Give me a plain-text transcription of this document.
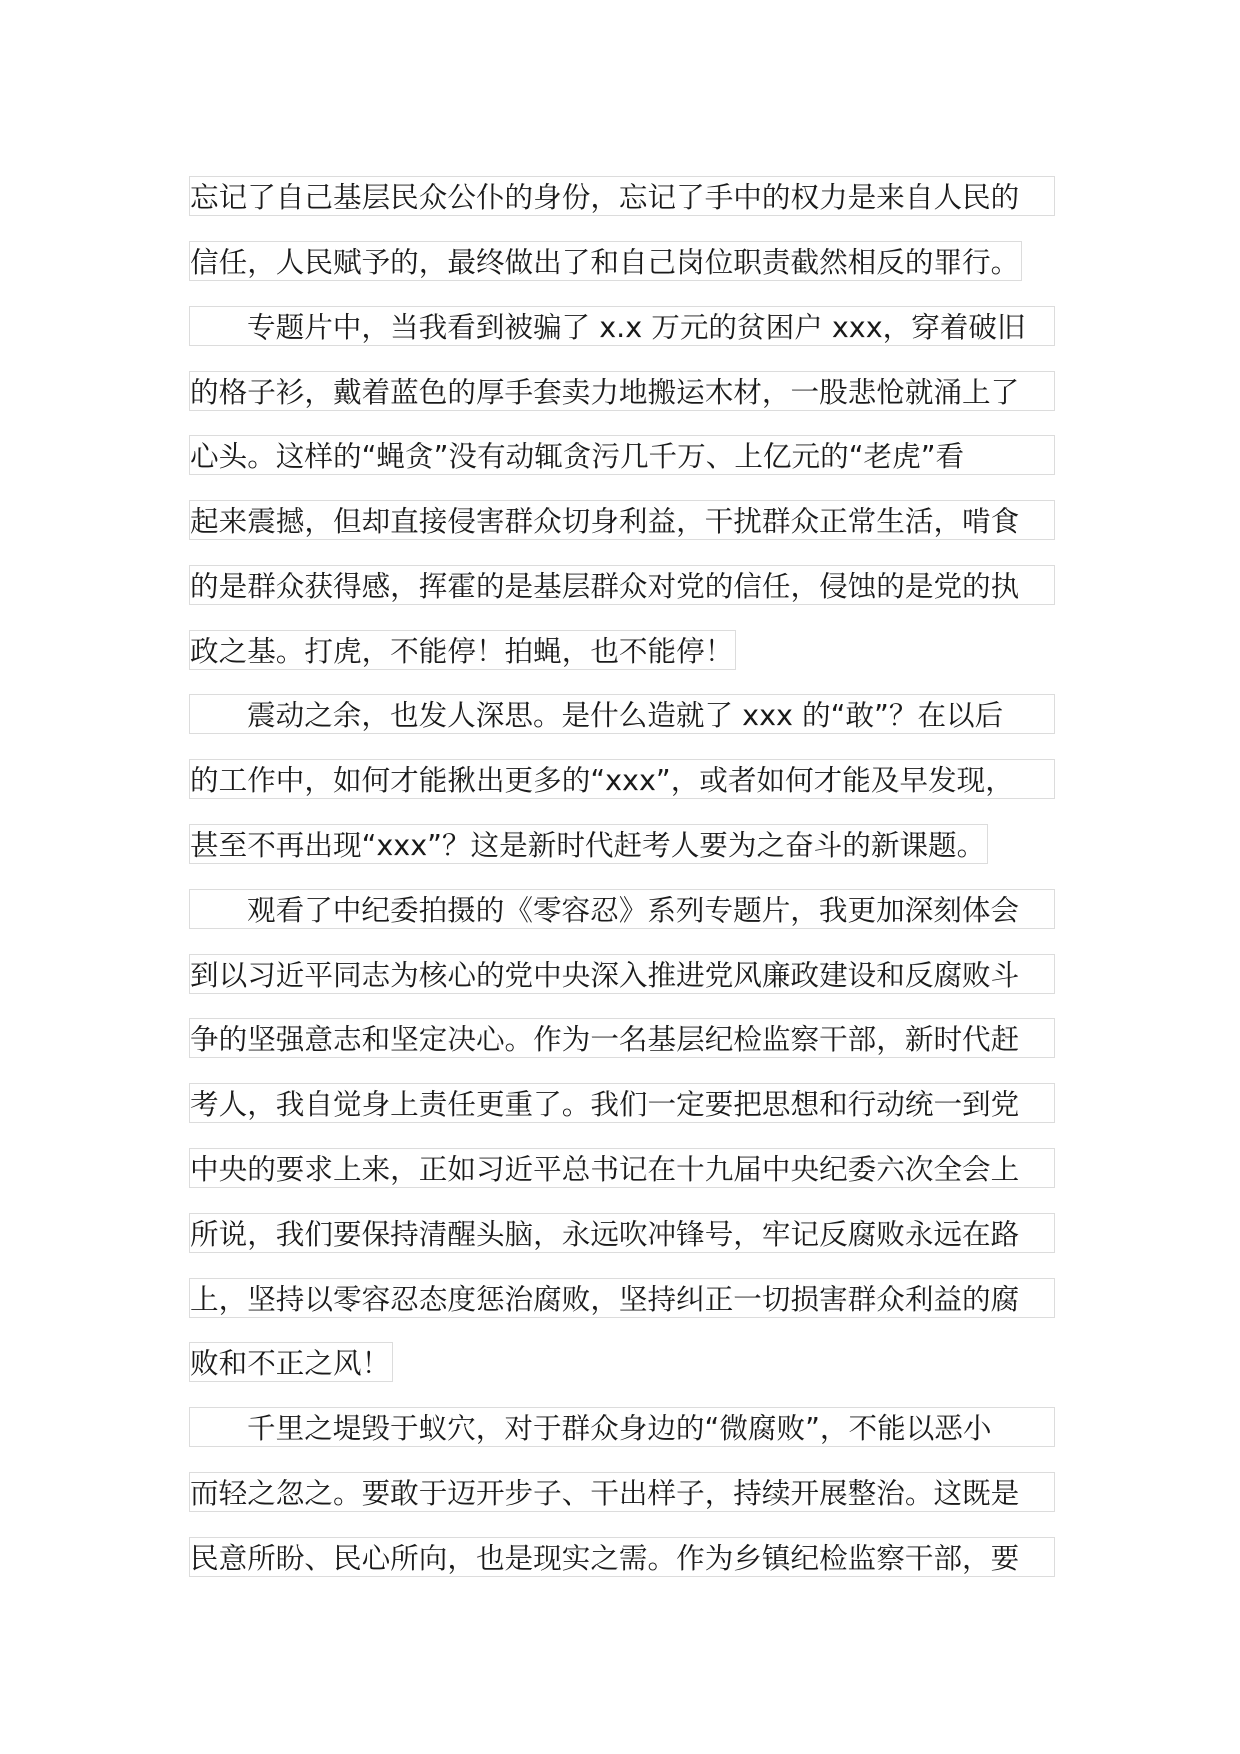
忘记了自己基层民众公仆的身份，忘记了手中的权力是来自人民的
信任，人民赋予的，最终做出了和自己岗位职责截然相反的罪行。
专题片中，当我看到被骗了 x.x 万元的贫困户 xxx，穿着破旧
的格子衫，戴着蓝色的厚手套卖力地搬运木材，一股悲怆就涌上了
心头。这样的“蝇贪”没有动辄贪污几千万、上亿元的“老虎”看
起来震撼，但却直接侵害群众切身利益，干扰群众正常生活，啃食
的是群众获得感，挥霍的是基层群众对党的信任，侵蚀的是党的执
政之基。打虎，不能停！拍蝇，也不能停！
震动之余，也发人深思。是什么造就了 xxx 的“敢”？在以后
的工作中，如何才能揪出更多的“xxx”，或者如何才能及早发现，
甚至不再出现“xxx”？这是新时代赶考人要为之奋斗的新课题。
观看了中纪委拍摄的《零容忍》系列专题片，我更加深刻体会
到以习近平同志为核心的党中央深入推进党风廉政建设和反腐败斗
争的坚强意志和坚定决心。作为一名基层纪检监察干部，新时代赶
考人，我自觉身上责任更重了。我们一定要把思想和行动统一到党
中央的要求上来，正如习近平总书记在十九届中央纪委六次全会上
所说，我们要保持清醒头脑，永远吹冲锋号，牢记反腐败永远在路
上，坚持以零容忍态度惩治腐败，坚持纠正一切损害群众利益的腐
败和不正之风！
千里之堤毁于蚁穴，对于群众身边的“微腐败”，不能以恶小
而轻之忽之。要敢于迈开步子、干出样子，持续开展整治。这既是
民意所盼、民心所向，也是现实之需。作为乡镇纪检监察干部，要
